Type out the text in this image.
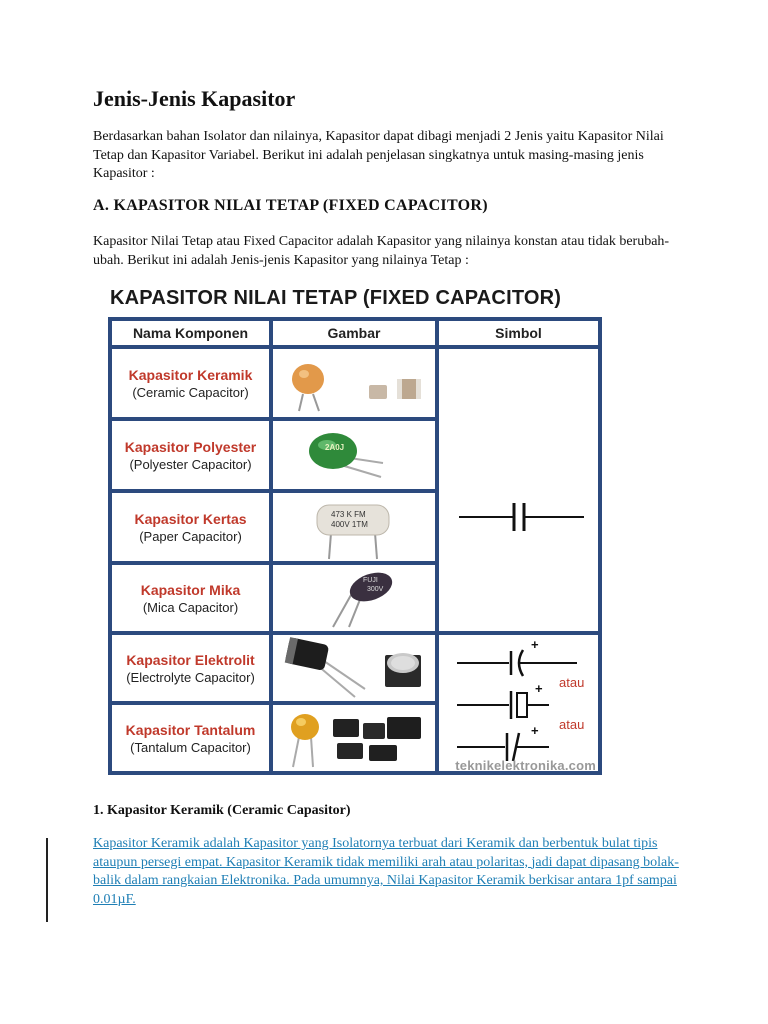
Jenis-Jenis Kapasitor

Berdasarkan bahan Isolator dan nilainya, Kapasitor dapat dibagi menjadi 2 Jenis yaitu Kapasitor Nilai Tetap dan Kapasitor Variabel. Berikut ini adalah penjelasan singkatnya untuk masing-masing jenis Kapasitor :

A. KAPASITOR NILAI TETAP (FIXED CAPACITOR)

Kapasitor Nilai Tetap atau Fixed Capacitor adalah Kapasitor yang nilainya konstan atau tidak berubah-ubah. Berikut ini adalah Jenis-jenis Kapasitor yang nilainya Tetap :

KAPASITOR NILAI TETAP (FIXED CAPACITOR)
Nama Komponen	Gambar	Simbol
+
+
+
atau
atau
Kapasitor Keramik
(Ceramic Capacitor)
Kapasitor Polyester
(Polyester Capacitor)
2A0J
Kapasitor Kertas
(Paper Capacitor)
473 K FM
400V 1TM
Kapasitor Mika
(Mica Capacitor)
FUJI
300V
Kapasitor Elektrolit
(Electrolyte Capacitor)
Kapasitor Tantalum
(Tantalum Capacitor)
teknikelektronika.com
1. Kapasitor Keramik (Ceramic Capasitor)

Kapasitor Keramik adalah Kapasitor yang Isolatornya terbuat dari Keramik dan berbentuk bulat tipis ataupun persegi empat. Kapasitor Keramik tidak memiliki arah atau polaritas, jadi dapat dipasang bolak-balik dalam rangkaian Elektronika. Pada umumnya, Nilai Kapasitor Keramik berkisar antara 1pf sampai 0.01µF.
